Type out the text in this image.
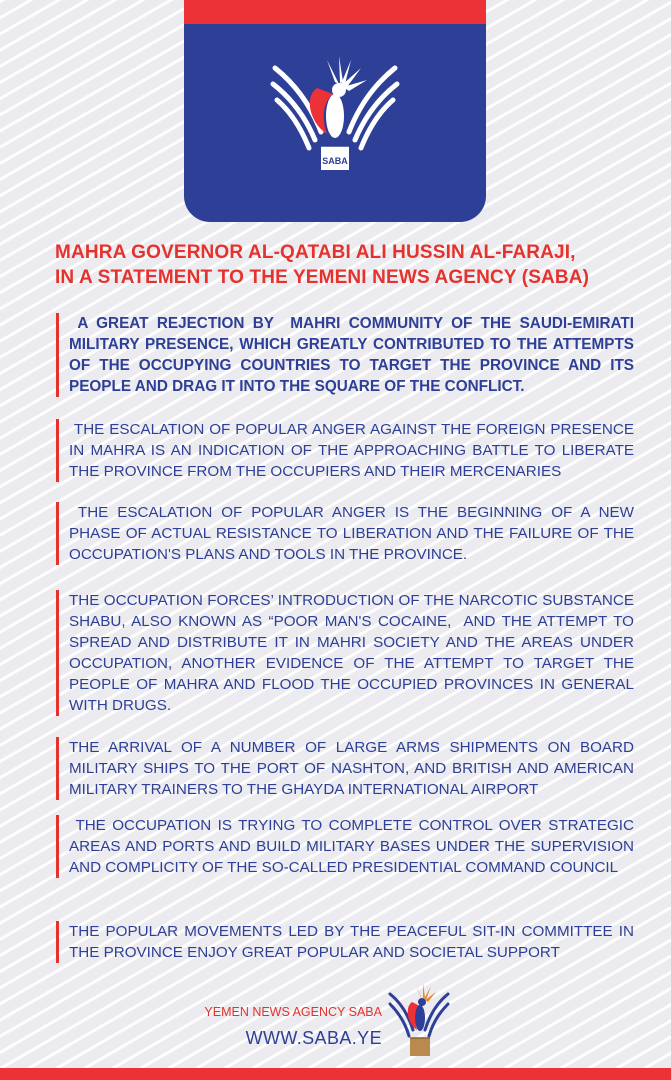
SABA
MAHRA GOVERNOR AL-QATABI ALI HUSSIN AL-FARAJI,
IN A STATEMENT TO THE YEMENI NEWS AGENCY (SABA)
A GREAT REJECTION BY  MAHRI COMMUNITY OF THE SAUDI-EMIRATI MILITARY PRESENCE, WHICH GREATLY CONTRIBUTED TO THE ATTEMPTS OF THE OCCUPYING COUNTRIES TO TARGET THE PROVINCE AND ITS PEOPLE AND DRAG IT INTO THE SQUARE OF THE CONFLICT.
THE ESCALATION OF POPULAR ANGER AGAINST THE FOREIGN PRESENCE IN MAHRA IS AN INDICATION OF THE APPROACHING BATTLE TO LIBERATE THE PROVINCE FROM THE OCCUPIERS AND THEIR MERCENARIES
THE ESCALATION OF POPULAR ANGER IS THE BEGINNING OF A NEW PHASE OF ACTUAL RESISTANCE TO LIBERATION AND THE FAILURE OF THE OCCUPATION'S PLANS AND TOOLS IN THE PROVINCE.
THE OCCUPATION FORCES’ INTRODUCTION OF THE NARCOTIC SUBSTANCE SHABU, ALSO KNOWN AS “POOR MAN'S COCAINE,  AND THE ATTEMPT TO SPREAD AND DISTRIBUTE IT IN MAHRI SOCIETY AND THE AREAS UNDER OCCUPATION, ANOTHER EVIDENCE OF THE ATTEMPT TO TARGET THE PEOPLE OF MAHRA AND FLOOD THE OCCUPIED PROVINCES IN GENERAL WITH DRUGS.
THE ARRIVAL OF A NUMBER OF LARGE ARMS SHIPMENTS ON BOARD MILITARY SHIPS TO THE PORT OF NASHTON, AND BRITISH AND AMERICAN MILITARY TRAINERS TO THE GHAYDA INTERNATIONAL AIRPORT
THE OCCUPATION IS TRYING TO COMPLETE CONTROL OVER STRATEGIC AREAS AND PORTS AND BUILD MILITARY BASES UNDER THE SUPERVISION AND COMPLICITY OF THE SO-CALLED PRESIDENTIAL COMMAND COUNCIL
THE POPULAR MOVEMENTS LED BY THE PEACEFUL SIT-IN COMMITTEE IN THE PROVINCE ENJOY GREAT POPULAR AND SOCIETAL SUPPORT
YEMEN NEWS AGENCY SABA
WWW.SABA.YE
